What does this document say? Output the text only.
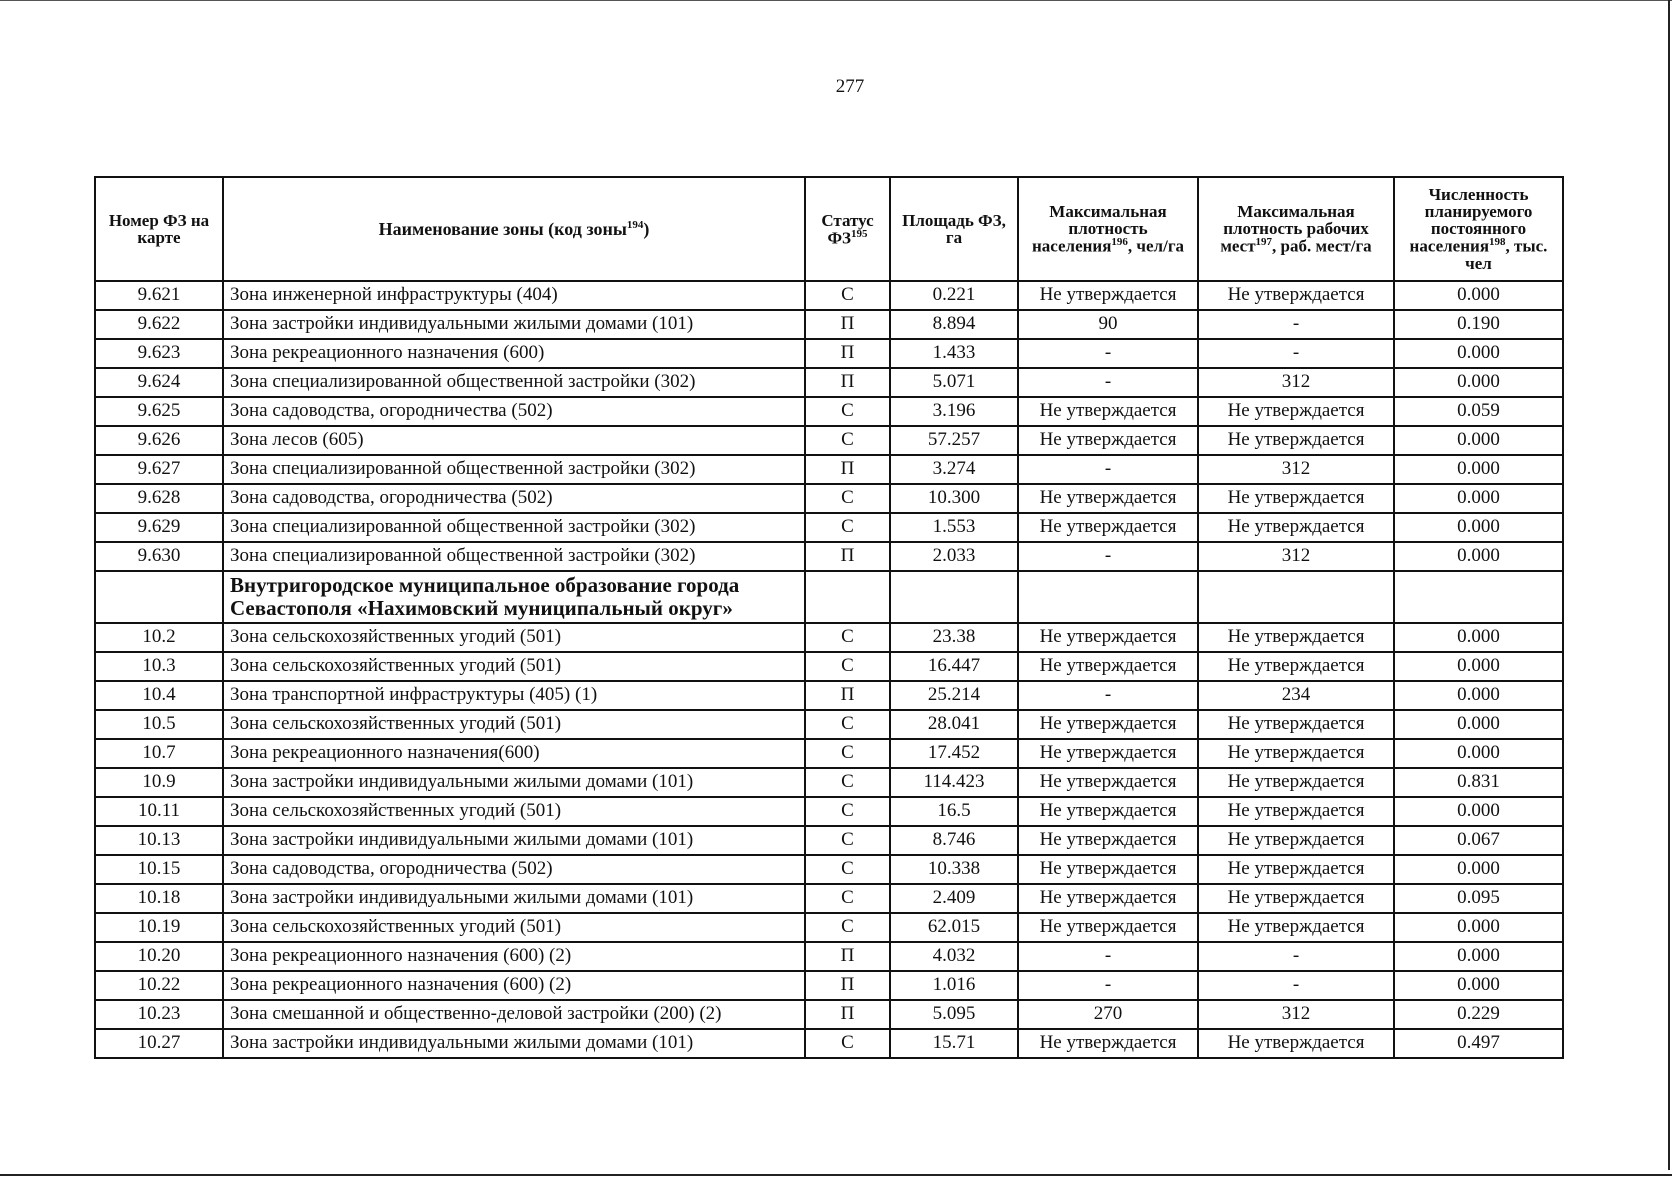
277
Номер ФЗ на карте	Наименование зоны (код зоны$^{194}$)	Статус ФЗ$^{195}$	Площадь ФЗ, га	Максимальная плотность населения$^{196}$, чел/га	Максимальная плотность рабочих мест$^{197}$, раб. мест/га	Численность планируемого постоянного населения$^{198}$, тыс. чел
9.621	Зона инженерной инфраструктуры (404)	С	0.221	Не утверждается	Не утверждается	0.000
9.622	Зона застройки индивидуальными жилыми домами (101)	П	8.894	90	-	0.190
9.623	Зона рекреационного назначения (600)	П	1.433	-	-	0.000
9.624	Зона специализированной общественной застройки (302)	П	5.071	-	312	0.000
9.625	Зона садоводства, огородничества (502)	С	3.196	Не утверждается	Не утверждается	0.059
9.626	Зона лесов (605)	С	57.257	Не утверждается	Не утверждается	0.000
9.627	Зона специализированной общественной застройки (302)	П	3.274	-	312	0.000
9.628	Зона садоводства, огородничества (502)	С	10.300	Не утверждается	Не утверждается	0.000
9.629	Зона специализированной общественной застройки (302)	С	1.553	Не утверждается	Не утверждается	0.000
9.630	Зона специализированной общественной застройки (302)	П	2.033	-	312	0.000
	Внутригородское муниципальное образование города
Севастополя «Нахимовский муниципальный округ»					
10.2	Зона сельскохозяйственных угодий (501)	С	23.38	Не утверждается	Не утверждается	0.000
10.3	Зона сельскохозяйственных угодий (501)	С	16.447	Не утверждается	Не утверждается	0.000
10.4	Зона транспортной инфраструктуры (405) (1)	П	25.214	-	234	0.000
10.5	Зона сельскохозяйственных угодий (501)	С	28.041	Не утверждается	Не утверждается	0.000
10.7	Зона рекреационного назначения(600)	С	17.452	Не утверждается	Не утверждается	0.000
10.9	Зона застройки индивидуальными жилыми домами (101)	С	114.423	Не утверждается	Не утверждается	0.831
10.11	Зона сельскохозяйственных угодий (501)	С	16.5	Не утверждается	Не утверждается	0.000
10.13	Зона застройки индивидуальными жилыми домами (101)	С	8.746	Не утверждается	Не утверждается	0.067
10.15	Зона садоводства, огородничества (502)	С	10.338	Не утверждается	Не утверждается	0.000
10.18	Зона застройки индивидуальными жилыми домами (101)	С	2.409	Не утверждается	Не утверждается	0.095
10.19	Зона сельскохозяйственных угодий (501)	С	62.015	Не утверждается	Не утверждается	0.000
10.20	Зона рекреационного назначения (600) (2)	П	4.032	-	-	0.000
10.22	Зона рекреационного назначения (600) (2)	П	1.016	-	-	0.000
10.23	Зона смешанной и общественно-деловой застройки (200) (2)	П	5.095	270	312	0.229
10.27	Зона застройки индивидуальными жилыми домами (101)	С	15.71	Не утверждается	Не утверждается	0.497
